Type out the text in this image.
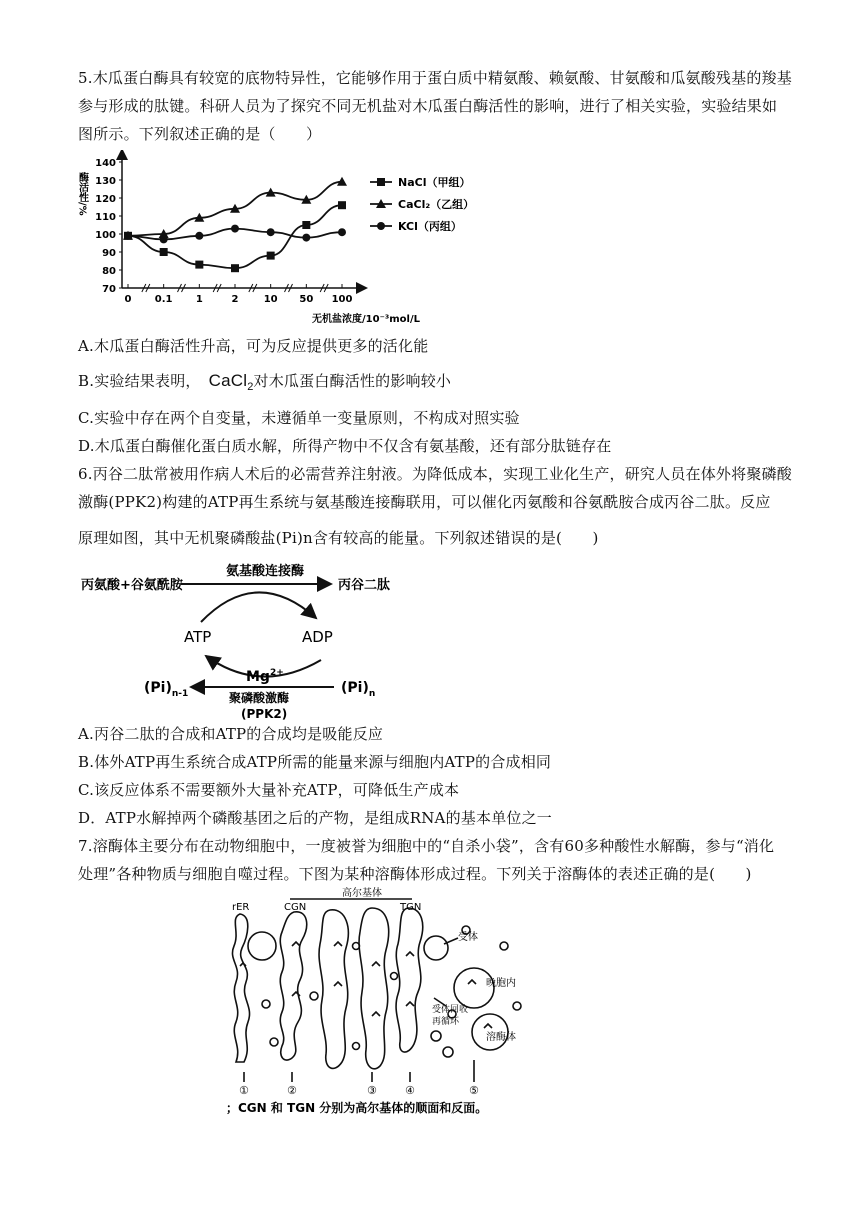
5.木瓜蛋白酶具有较宽的底物特异性，它能够作用于蛋白质中精氨酸、赖氨酸、甘氨酸和瓜氨酸残基的羧基
参与形成的肽键。科研人员为了探究不同无机盐对木瓜蛋白酶活性的影响，进行了相关实验，实验结果如
图所示。下列叙述正确的是（　　）
酶活性/%
70
80
90
100
110
120
130
140
0 0.1 1	2	10 50 100
无机盐浓度/10⁻³mol/L
NaCl（甲组）
CaCl₂（乙组）
KCl（丙组）
A.木瓜蛋白酶活性升高，可为反应提供更多的活化能
B.实验结果表明， CaCl$_2$对木瓜蛋白酶活性的影响较小
C.实验中存在两个自变量，未遵循单一变量原则，不构成对照实验
D.木瓜蛋白酶催化蛋白质水解，所得产物中不仅含有氨基酸，还有部分肽链存在
6.丙谷二肽常被用作病人术后的必需营养注射液。为降低成本，实现工业化生产，研究人员在体外将聚磷酸
激酶(PPK2)构建的ATP再生系统与氨基酸连接酶联用，可以催化丙氨酸和谷氨酰胺合成丙谷二肽。反应
原理如图，其中无机聚磷酸盐(Pi)n含有较高的能量。下列叙述错误的是(　　)
丙氨酸+谷氨酰胺
氨基酸连接酶
丙谷二肽
ATP	ADP
$Mg^{2+}$
$(Pi)_{n-1}$	$(Pi)_n$
聚磷酸激酶
(PPK2)
A.丙谷二肽的合成和ATP的合成均是吸能反应
B.体外ATP再生系统合成ATP所需的能量来源与细胞内ATP的合成相同
C.该反应体系不需要额外大量补充ATP，可降低生产成本
D．ATP水解掉两个磷酸基团之后的产物，是组成RNA的基本单位之一
7.溶酶体主要分布在动物细胞中，一度被誉为细胞中的“自杀小袋”，含有60多种酸性水解酶，参与“消化
处理”各种物质与细胞自噬过程。下图为某种溶酶体形成过程。下列关于溶酶体的表述正确的是(　　)
高尔基体
rER	CGN	TGN
受体
晚胞内
受体回收
再循环
溶酶体
①	②	③	④	⑤
；CGN 和 TGN 分别为高尔基体的顺面和反面。
